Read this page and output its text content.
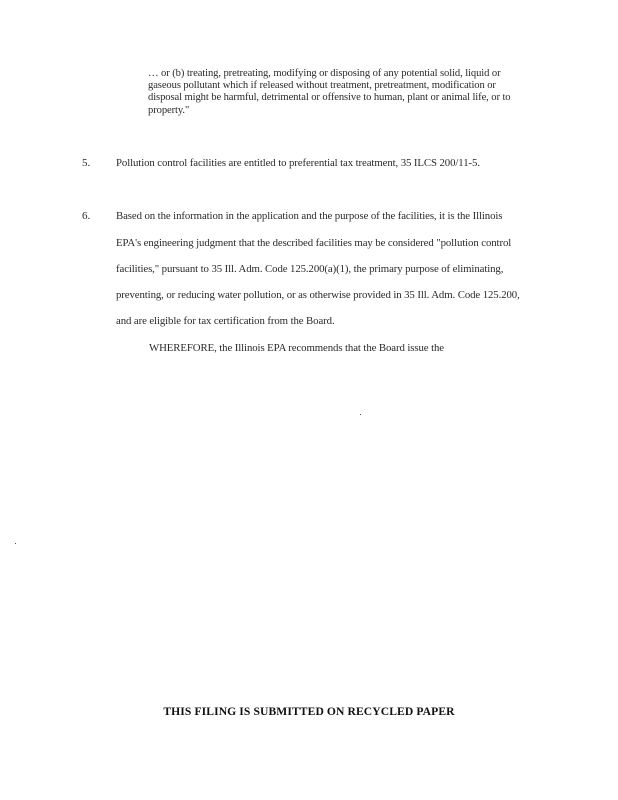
… or (b) treating, pretreating, modifying or disposing of any potential solid, liquid or
gaseous pollutant which if released without treatment, pretreatment, modification or
disposal might be harmful, detrimental or offensive to human, plant or animal life, or to
property."
5. Pollution control facilities are entitled to preferential tax treatment, 35 ILCS 200/11-5.
6. Based on the information in the application and the purpose of the facilities, it is the Illinois
EPA's engineering judgment that the described facilities may be considered "pollution control
facilities," pursuant to 35 Ill. Adm. Code 125.200(a)(1), the primary purpose of eliminating,
preventing, or reducing water pollution, or as otherwise provided in 35 Ill. Adm. Code 125.200,
and are eligible for tax certification from the Board.
WHEREFORE, the Illinois EPA recommends that the Board issue the
THIS FILING IS SUBMITTED ON RECYCLED PAPER
